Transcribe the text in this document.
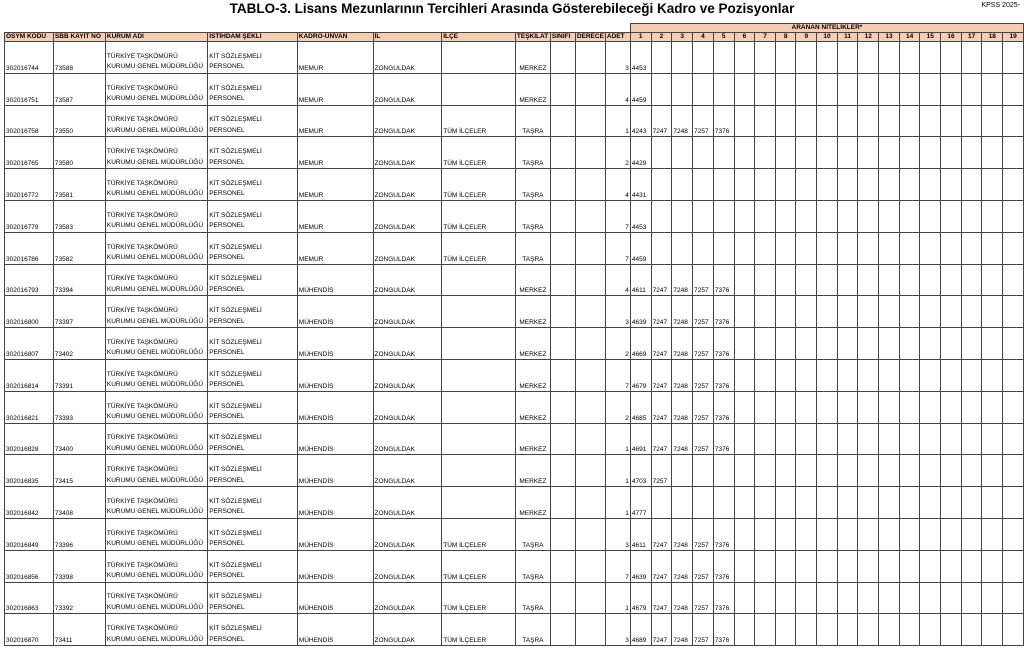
TABLO-3. Lisans Mezunlarının Tercihleri Arasında Gösterebileceği Kadro ve Pozisyonlar	KPSS 2025-
											ARANAN NİTELİKLER*																		
ÖSYM KODU	SBB KAYIT NO	KURUM ADI	İSTİHDAM ŞEKLİ	KADRO-ÜNVAN	İL	İLÇE	TEŞKİLAT	SINIFI	DERECE	ADET	1	2	3	4	5	6	7	8	9	10	11	12	13	14	15	16	17	18	19
302016744	73588	TÜRKİYE TAŞKÖMÜRÜ KURUMU GENEL MÜDÜRLÜĞÜ	KİT SÖZLEŞMELİ PERSONEL	MEMUR	ZONGULDAK		MERKEZ			3	4453																		
302016751	73587	TÜRKİYE TAŞKÖMÜRÜ KURUMU GENEL MÜDÜRLÜĞÜ	KİT SÖZLEŞMELİ PERSONEL	MEMUR	ZONGULDAK		MERKEZ			4	4459																		
302016758	73550	TÜRKİYE TAŞKÖMÜRÜ KURUMU GENEL MÜDÜRLÜĞÜ	KİT SÖZLEŞMELİ PERSONEL	MEMUR	ZONGULDAK	TÜM İLÇELER	TAŞRA			1	4243	7247	7248	7257	7376														
302016765	73580	TÜRKİYE TAŞKÖMÜRÜ KURUMU GENEL MÜDÜRLÜĞÜ	KİT SÖZLEŞMELİ PERSONEL	MEMUR	ZONGULDAK	TÜM İLÇELER	TAŞRA			2	4429																		
302016772	73581	TÜRKİYE TAŞKÖMÜRÜ KURUMU GENEL MÜDÜRLÜĞÜ	KİT SÖZLEŞMELİ PERSONEL	MEMUR	ZONGULDAK	TÜM İLÇELER	TAŞRA			4	4431																		
302016779	73583	TÜRKİYE TAŞKÖMÜRÜ KURUMU GENEL MÜDÜRLÜĞÜ	KİT SÖZLEŞMELİ PERSONEL	MEMUR	ZONGULDAK	TÜM İLÇELER	TAŞRA			7	4453																		
302016786	73582	TÜRKİYE TAŞKÖMÜRÜ KURUMU GENEL MÜDÜRLÜĞÜ	KİT SÖZLEŞMELİ PERSONEL	MEMUR	ZONGULDAK	TÜM İLÇELER	TAŞRA			7	4459																		
302016793	73394	TÜRKİYE TAŞKÖMÜRÜ KURUMU GENEL MÜDÜRLÜĞÜ	KİT SÖZLEŞMELİ PERSONEL	MÜHENDİS	ZONGULDAK		MERKEZ			4	4611	7247	7248	7257	7376														
302016800	73397	TÜRKİYE TAŞKÖMÜRÜ KURUMU GENEL MÜDÜRLÜĞÜ	KİT SÖZLEŞMELİ PERSONEL	MÜHENDİS	ZONGULDAK		MERKEZ			3	4639	7247	7248	7257	7376														
302016807	73402	TÜRKİYE TAŞKÖMÜRÜ KURUMU GENEL MÜDÜRLÜĞÜ	KİT SÖZLEŞMELİ PERSONEL	MÜHENDİS	ZONGULDAK		MERKEZ			2	4669	7247	7248	7257	7376														
302016814	73391	TÜRKİYE TAŞKÖMÜRÜ KURUMU GENEL MÜDÜRLÜĞÜ	KİT SÖZLEŞMELİ PERSONEL	MÜHENDİS	ZONGULDAK		MERKEZ			7	4679	7247	7248	7257	7376														
302016821	73393	TÜRKİYE TAŞKÖMÜRÜ KURUMU GENEL MÜDÜRLÜĞÜ	KİT SÖZLEŞMELİ PERSONEL	MÜHENDİS	ZONGULDAK		MERKEZ			2	4685	7247	7248	7257	7376														
302016828	73400	TÜRKİYE TAŞKÖMÜRÜ KURUMU GENEL MÜDÜRLÜĞÜ	KİT SÖZLEŞMELİ PERSONEL	MÜHENDİS	ZONGULDAK		MERKEZ			1	4691	7247	7248	7257	7376														
302016835	73415	TÜRKİYE TAŞKÖMÜRÜ KURUMU GENEL MÜDÜRLÜĞÜ	KİT SÖZLEŞMELİ PERSONEL	MÜHENDİS	ZONGULDAK		MERKEZ			1	4703	7257																	
302016842	73408	TÜRKİYE TAŞKÖMÜRÜ KURUMU GENEL MÜDÜRLÜĞÜ	KİT SÖZLEŞMELİ PERSONEL	MÜHENDİS	ZONGULDAK		MERKEZ			1	4777																		
302016849	73396	TÜRKİYE TAŞKÖMÜRÜ KURUMU GENEL MÜDÜRLÜĞÜ	KİT SÖZLEŞMELİ PERSONEL	MÜHENDİS	ZONGULDAK	TÜM İLÇELER	TAŞRA			3	4611	7247	7248	7257	7376														
302016856	73398	TÜRKİYE TAŞKÖMÜRÜ KURUMU GENEL MÜDÜRLÜĞÜ	KİT SÖZLEŞMELİ PERSONEL	MÜHENDİS	ZONGULDAK	TÜM İLÇELER	TAŞRA			7	4639	7247	7248	7257	7376														
302016863	73392	TÜRKİYE TAŞKÖMÜRÜ KURUMU GENEL MÜDÜRLÜĞÜ	KİT SÖZLEŞMELİ PERSONEL	MÜHENDİS	ZONGULDAK	TÜM İLÇELER	TAŞRA			1	4679	7247	7248	7257	7376														
302016870	73411	TÜRKİYE TAŞKÖMÜRÜ KURUMU GENEL MÜDÜRLÜĞÜ	KİT SÖZLEŞMELİ PERSONEL	MÜHENDİS	ZONGULDAK	TÜM İLÇELER	TAŞRA			3	4689	7247	7248	7257	7376														
